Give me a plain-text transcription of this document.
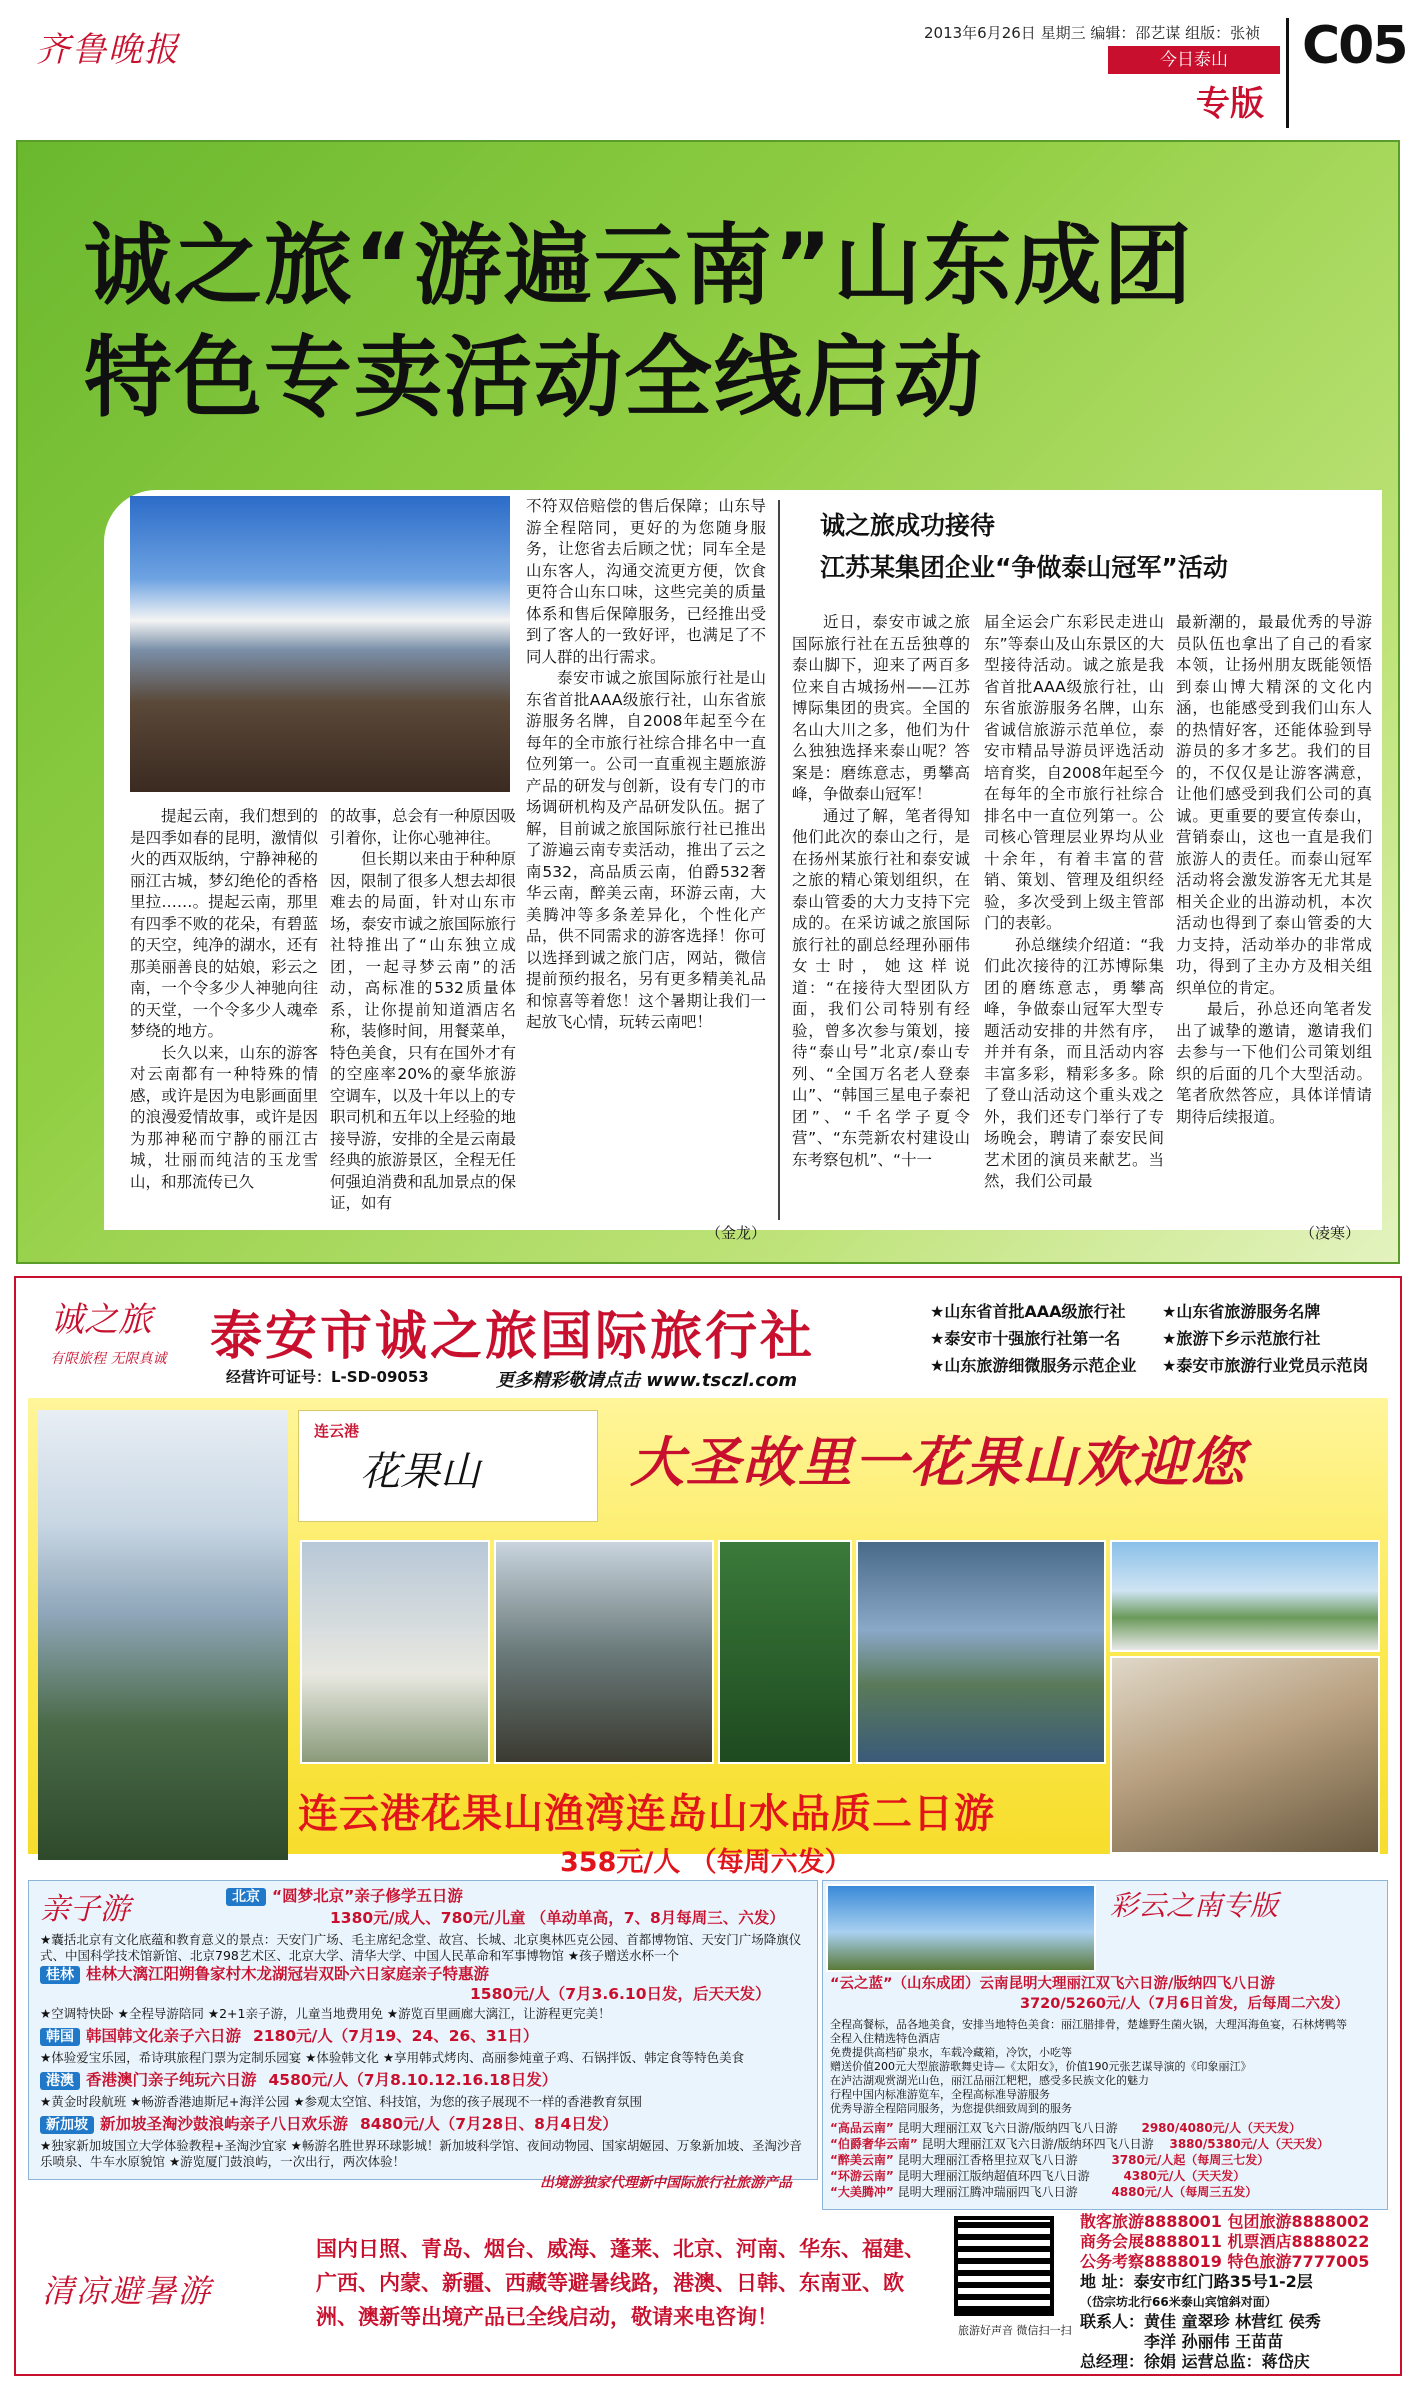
齐鲁晚报	2013年6月26日 星期三 编辑：邵艺谋 组版：张祯 C05
今日泰山
专版
诚之旅“游遍云南”山东成团
特色专卖活动全线启动

提起云南，我们想到的是四季如春的昆明，激情似火的西双版纳，宁静神秘的丽江古城，梦幻绝伦的香格里拉……。提起云南，那里有四季不败的花朵，有碧蓝的天空，纯净的湖水，还有那美丽善良的姑娘，彩云之南，一个令多少人神驰向往的天堂，一个令多少人魂牵梦绕的地方。

长久以来，山东的游客对云南都有一种特殊的情感，或许是因为电影画面里的浪漫爱情故事，或许是因为那神秘而宁静的丽江古城，壮丽而纯洁的玉龙雪山，和那流传已久

的故事，总会有一种原因吸引着你，让你心驰神往。

但长期以来由于种种原因，限制了很多人想去却很难去的局面，针对山东市场，泰安市诚之旅国际旅行社特推出了“山东独立成团，一起寻梦云南”的活动，高标准的532质量体系，让你提前知道酒店名称，装修时间，用餐菜单，特色美食，只有在国外才有的空座率20%的豪华旅游空调车，以及十年以上的专职司机和五年以上经验的地接导游，安排的全是云南最经典的旅游景区，全程无任何强迫消费和乱加景点的保证，如有

不符双倍赔偿的售后保障；山东导游全程陪同，更好的为您随身服务，让您省去后顾之忧；同车全是山东客人，沟通交流更方便，饮食更符合山东口味，这些完美的质量体系和售后保障服务，已经推出受到了客人的一致好评，也满足了不同人群的出行需求。

泰安市诚之旅国际旅行社是山东省首批AAA级旅行社，山东省旅游服务名牌，自2008年起至今在每年的全市旅行社综合排名中一直位列第一。公司一直重视主题旅游产品的研发与创新，设有专门的市场调研机构及产品研发队伍。据了解，目前诚之旅国际旅行社已推出了游遍云南专卖活动，推出了云之南532，高品质云南，伯爵532奢华云南，醉美云南，环游云南，大美腾冲等多条差异化，个性化产品，供不同需求的游客选择！你可以选择到诚之旅门店，网站，微信提前预约报名，另有更多精美礼品和惊喜等着您！这个暑期让我们一起放飞心情，玩转云南吧！

（金龙）
诚之旅成功接待
江苏某集团企业“争做泰山冠军”活动

近日，泰安市诚之旅国际旅行社在五岳独尊的泰山脚下，迎来了两百多位来自古城扬州——江苏博际集团的贵宾。全国的名山大川之多，他们为什么独独选择来泰山呢？答案是：磨练意志，勇攀高峰，争做泰山冠军！

通过了解，笔者得知他们此次的泰山之行，是在扬州某旅行社和泰安诚之旅的精心策划组织，在泰山管委的大力支持下完成的。在采访诚之旅国际旅行社的副总经理孙丽伟女士时，她这样说道：“在接待大型团队方面，我们公司特别有经验，曾多次参与策划，接待“泰山号”北京/泰山专列、“全国万名老人登泰山”、“韩国三星电子泰祀团”、“千名学子夏令营”、“东莞新农村建设山东考察包机”、“十一

届全运会广东彩民走进山东”等泰山及山东景区的大型接待活动。诚之旅是我省首批AAA级旅行社，山东省旅游服务名牌，山东省诚信旅游示范单位，泰安市精品导游员评选活动培育奖，自2008年起至今在每年的全市旅行社综合排名中一直位列第一。公司核心管理层业界均从业十余年，有着丰富的营销、策划、管理及组织经验，多次受到上级主管部门的表彰。

孙总继续介绍道：“我们此次接待的江苏博际集团的磨练意志，勇攀高峰，争做泰山冠军大型专题活动安排的井然有序，并并有条，而且活动内容丰富多彩，精彩多多。除了登山活动这个重头戏之外，我们还专门举行了专场晚会，聘请了泰安民间艺术团的演员来献艺。当然，我们公司最

最新潮的，最最优秀的导游员队伍也拿出了自己的看家本领，让扬州朋友既能领悟到泰山博大精深的文化内涵，也能感受到我们山东人的热情好客，还能体验到导游员的多才多艺。我们的目的，不仅仅是让游客满意，让他们感受到我们公司的真诚。更重要的要宣传泰山，营销泰山，这也一直是我们旅游人的责任。而泰山冠军活动将会激发游客无尤其是相关企业的出游动机，本次活动也得到了泰山管委的大力支持，活动举办的非常成功，得到了主办方及相关组织单位的肯定。

最后，孙总还向笔者发出了诚挚的邀请，邀请我们去参与一下他们公司策划组织的后面的几个大型活动。笔者欣然答应，具体详情请期待后续报道。

（凌寒）
诚之旅
有限旅程 无限真诚 泰安市诚之旅国际旅行社
经营许可证号：L-SD-09053	更多精彩敬请点击 www.tsczl.com
★山东省首批AAA级旅行社 ★山东省旅游服务名牌 ★泰安市十强旅行社第一名	★旅游下乡示范旅行社 ★山东旅游细微服务示范企业 ★泰安市旅游行业党员示范岗
连云港
花果山	大圣故里一花果山欢迎您
连云港花果山渔湾连岛山水品质二日游
358元/人 （每周六发）
亲子游	北京 “圆梦北京”亲子修学五日游
1380元/成人、780元/儿童 （单动单高，7、8月每周三、六发）
★囊括北京有文化底蕴和教育意义的景点：天安门广场、毛主席纪念堂、故宫、长城、北京奥林匹克公园、首都博物馆、天安门广场降旗仪式、中国科学技术馆新馆、北京798艺术区、北京大学、清华大学、中国人民革命和军事博物馆 ★孩子赠送水杯一个
桂林 桂林大漓江阳朔鲁家村木龙湖冠岩双卧六日家庭亲子特惠游
1580元/人（7月3.6.10日发，后天天发）
★空调特快卧 ★全程导游陪同 ★2+1亲子游，儿童当地费用免 ★游览百里画廊大漓江，让游程更完美！
韩国 韩国韩文化亲子六日游 2180元/人（7月19、24、26、31日）
★体验爱宝乐园，希诗琪旅程门票为定制乐园宴 ★体验韩文化 ★享用韩式烤肉、高丽参炖童子鸡、石锅拌饭、韩定食等特色美食
港澳 香港澳门亲子纯玩六日游 4580元/人（7月8.10.12.16.18日发）
★黄金时段航班 ★畅游香港迪斯尼+海洋公园 ★参观太空馆、科技馆，为您的孩子展现不一样的香港教育氛围
新加坡 新加坡圣淘沙鼓浪屿亲子八日欢乐游 8480元/人（7月28日、8月4日发）
★独家新加坡国立大学体验教程+圣淘沙宜家 ★畅游名胜世界环球影城！新加坡科学馆、夜间动物园、国家胡姬园、万象新加坡、圣淘沙音乐喷泉、牛车水原貌馆 ★游览厦门鼓浪屿，一次出行，两次体验！
彩云之南专版
“云之蓝”（山东成团）云南昆明大理丽江双飞六日游/版纳四飞八日游
3720/5260元/人（7月6日首发，后每周二六发）
全程高餐标，品各地美食，安排当地特色美食：丽江腊排骨，楚雄野生菌火锅，大理洱海鱼宴，石林烤鸭等
全程入住精选特色酒店
免费提供高档矿泉水，车载冷藏箱，冷饮，小吃等
赠送价值200元大型旅游歌舞史诗—《太阳女》，价值190元张艺谋导演的《印象丽江》
在泸沽湖观赏湖光山色，丽江品丽江粑粑，感受多民族文化的魅力
行程中国内标准游览车，全程高标准导游服务
优秀导游全程陪同服务，为您提供细致周到的服务
“高品云南” 昆明大理丽江双飞六日游/版纳四飞八日游 2980/4080元/人（天天发）
“伯爵奢华云南” 昆明大理丽江双飞六日游/版纳环四飞八日游 3880/5380元/人（天天发）
“醉美云南” 昆明大理丽江香格里拉双飞八日游	3780元/人起（每周三七发）
“环游云南” 昆明大理丽江版纳超值环四飞八日游	4380元/人（天天发）
“大美腾冲” 昆明大理丽江腾冲瑞丽四飞八日游	4880元/人（每周三五发）
出境游独家代理新中国际旅行社旅游产品
清凉避暑游
国内日照、青岛、烟台、威海、蓬莱、北京、河南、华东、福建、广西、内蒙、新疆、西藏等避暑线路，港澳、日韩、东南亚、欧洲、澳新等出境产品已全线启动，敬请来电咨询！
旅游好声音 微信扫一扫
散客旅游8888001 包团旅游8888002
商务会展8888011 机票酒店8888022
公务考察8888019 特色旅游7777005
地 址：泰安市红门路35号1-2层
（岱宗坊北行66米泰山宾馆斜对面）
联系人：黄佳 童翠珍 林营红 侯秀
李洋 孙丽伟 王苗苗
总经理：徐娟 运营总监：蒋岱庆
